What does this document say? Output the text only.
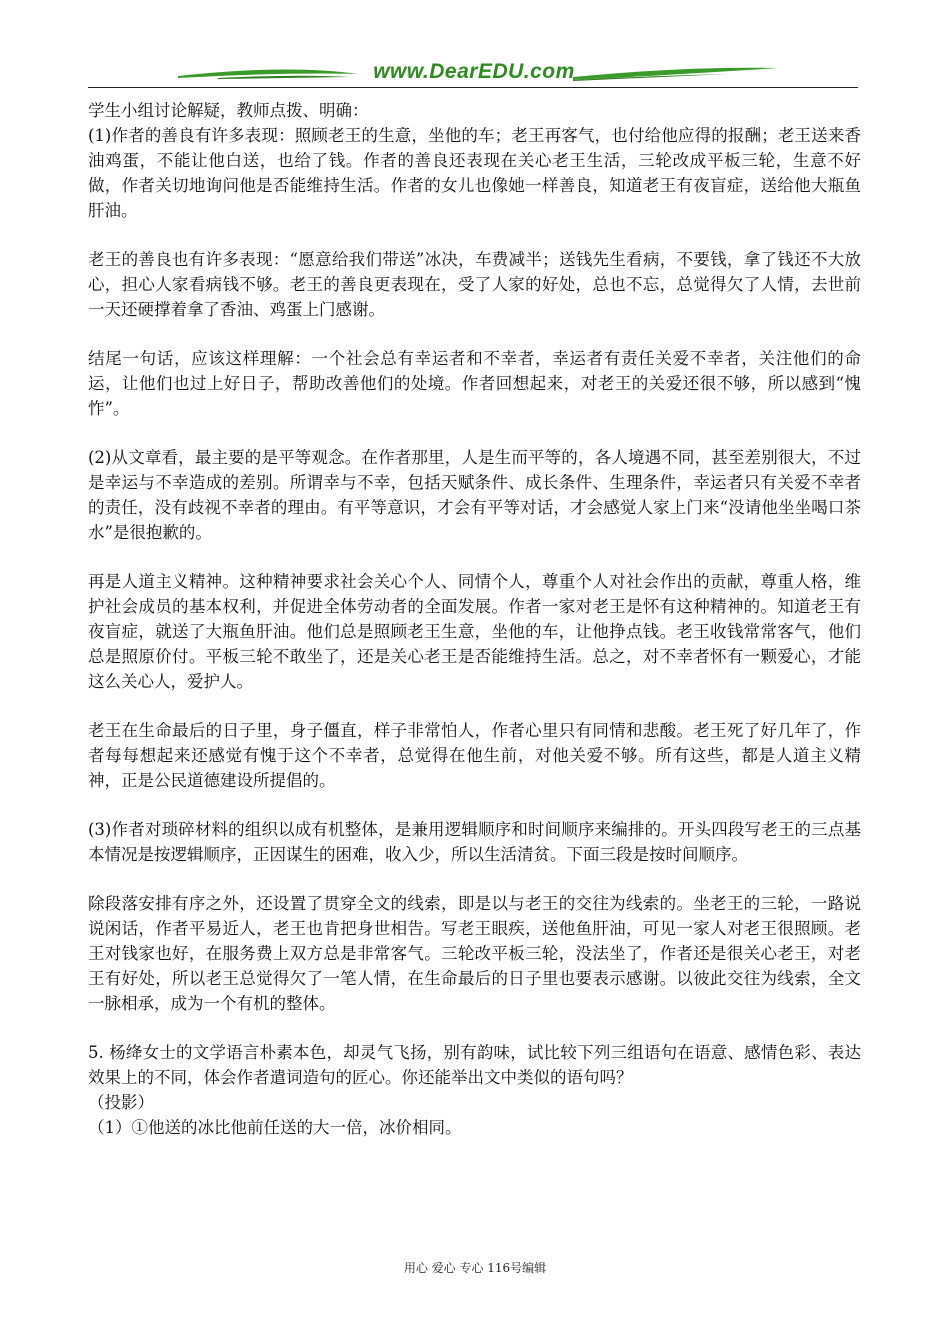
www.DearEDU.com

学生小组讨论解疑，教师点拨、明确：

(1)作者的善良有许多表现：照顾老王的生意，坐他的车；老王再客气，也付给他应得的报酬；老王送来香油鸡蛋，不能让他白送，也给了钱。作者的善良还表现在关心老王生活，三轮改成平板三轮，生意不好做，作者关切地询问他是否能维持生活。作者的女儿也像她一样善良，知道老王有夜盲症，送给他大瓶鱼肝油。

老王的善良也有许多表现：“愿意给我们带送”冰决，车费减半；送钱先生看病，不要钱，拿了钱还不大放心，担心人家看病钱不够。老王的善良更表现在，受了人家的好处，总也不忘，总觉得欠了人情，去世前一天还硬撑着拿了香油、鸡蛋上门感谢。

结尾一句话，应该这样理解：一个社会总有幸运者和不幸者，幸运者有责任关爱不幸者，关注他们的命运，让他们也过上好日子，帮助改善他们的处境。作者回想起来，对老王的关爱还很不够，所以感到“愧怍”。

(2)从文章看，最主要的是平等观念。在作者那里，人是生而平等的，各人境遇不同，甚至差别很大，不过是幸运与不幸造成的差别。所谓幸与不幸，包括天赋条件、成长条件、生理条件，幸运者只有关爱不幸者的责任，没有歧视不幸者的理由。有平等意识，才会有平等对话，才会感觉人家上门来“没请他坐坐喝口茶水”是很抱歉的。

再是人道主义精神。这种精神要求社会关心个人、同情个人，尊重个人对社会作出的贡献，尊重人格，维护社会成员的基本权利，并促进全体劳动者的全面发展。作者一家对老王是怀有这种精神的。知道老王有夜盲症，就送了大瓶鱼肝油。他们总是照顾老王生意，坐他的车，让他挣点钱。老王收钱常常客气，他们总是照原价付。平板三轮不敢坐了，还是关心老王是否能维持生活。总之，对不幸者怀有一颗爱心，才能这么关心人，爱护人。

老王在生命最后的日子里，身子僵直，样子非常怕人，作者心里只有同情和悲酸。老王死了好几年了，作者每每想起来还感觉有愧于这个不幸者，总觉得在他生前，对他关爱不够。所有这些，都是人道主义精神，正是公民道德建设所提倡的。

(3)作者对琐碎材料的组织以成有机整体，是兼用逻辑顺序和时间顺序来编排的。开头四段写老王的三点基本情况是按逻辑顺序，正因谋生的困难，收入少，所以生活清贫。下面三段是按时间顺序。

除段落安排有序之外，还设置了贯穿全文的线索，即是以与老王的交往为线索的。坐老王的三轮，一路说说闲话，作者平易近人，老王也肯把身世相告。写老王眼疾，送他鱼肝油，可见一家人对老王很照顾。老王对钱家也好，在服务费上双方总是非常客气。三轮改平板三轮，没法坐了，作者还是很关心老王，对老王有好处，所以老王总觉得欠了一笔人情，在生命最后的日子里也要表示感谢。以彼此交往为线索，全文一脉相承，成为一个有机的整体。

5. 杨绛女士的文学语言朴素本色，却灵气飞扬，别有韵味，试比较下列三组语句在语意、感情色彩、表达效果上的不同，体会作者遣词造句的匠心。你还能举出文中类似的语句吗？

（投影）

（1）①他送的冰比他前任送的大一倍，冰价相同。

用心 爱心 专心 116号编辑
